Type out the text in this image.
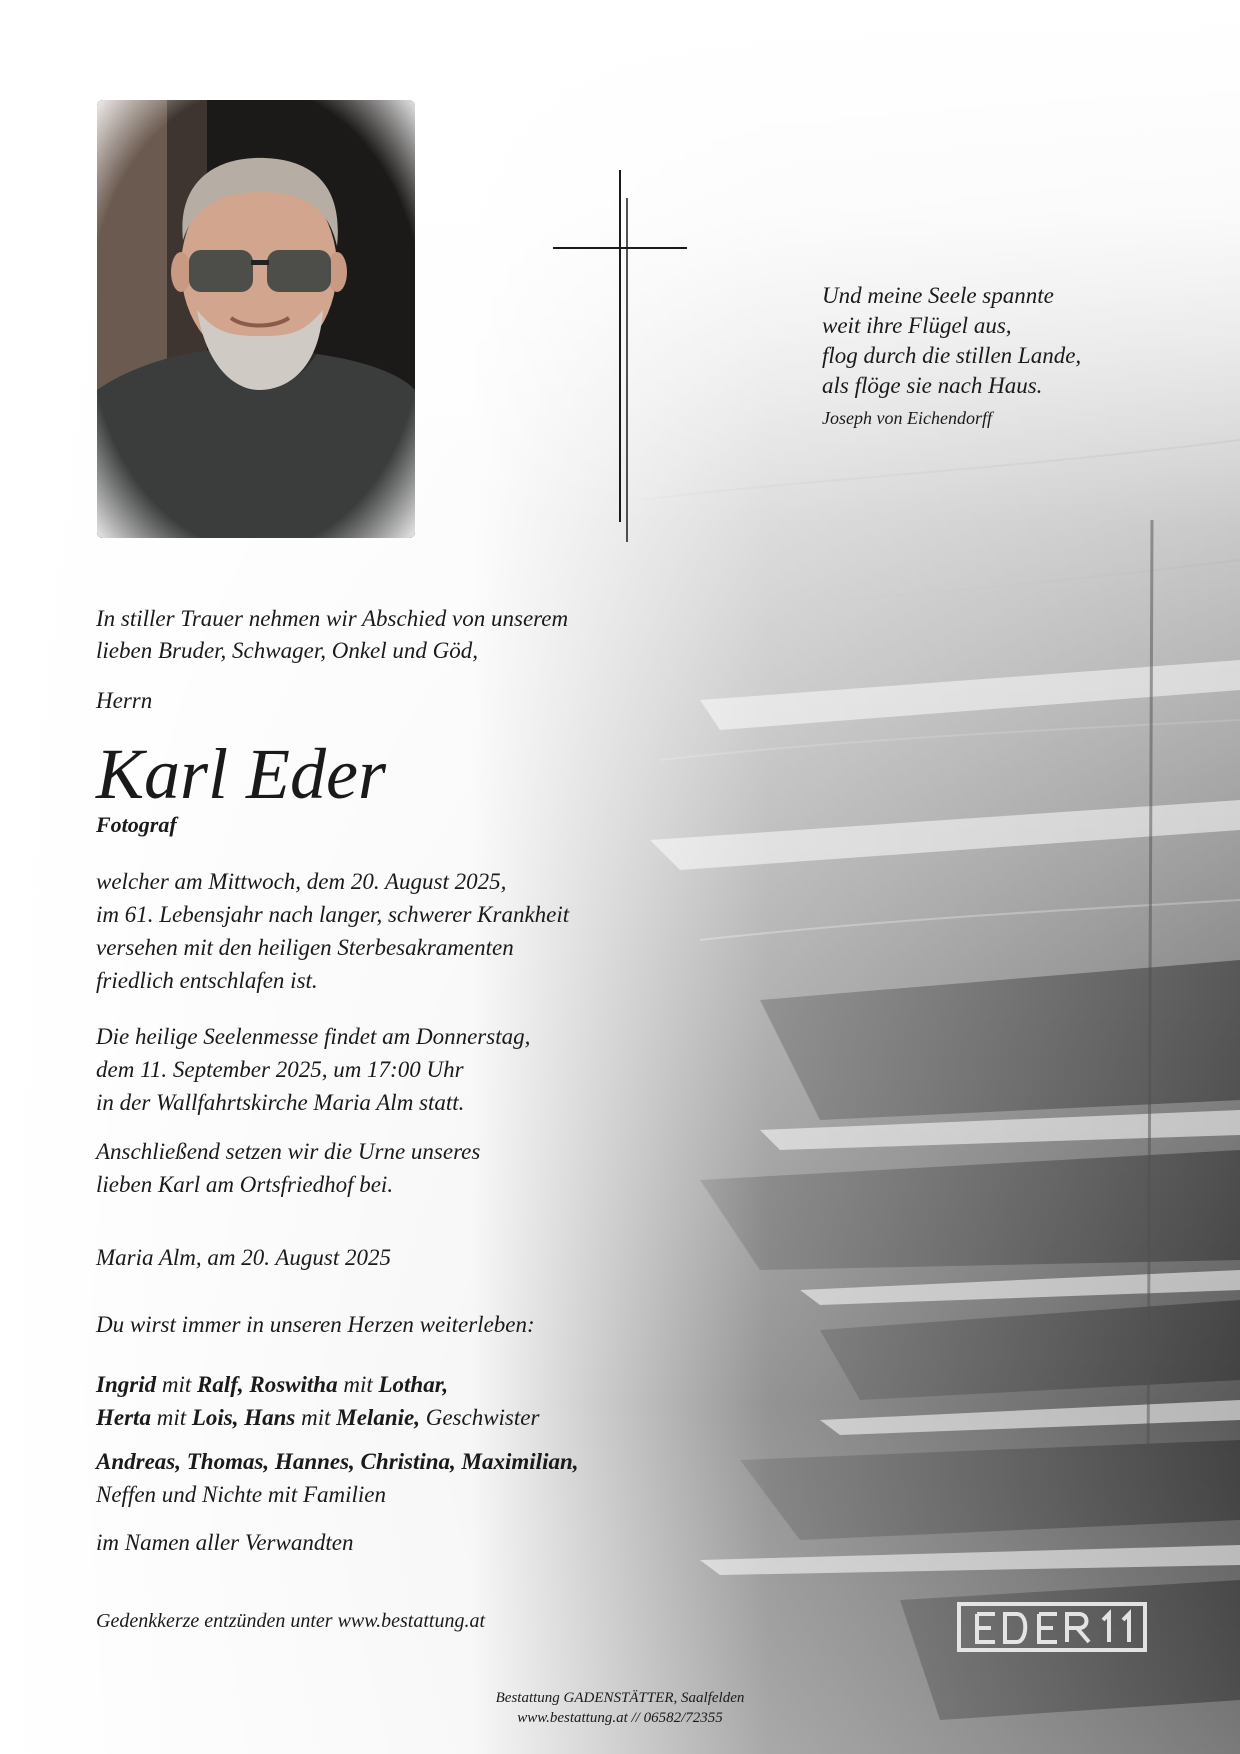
Und meine Seele spannte
weit ihre Flügel aus,
flog durch die stillen Lande,
als flöge sie nach Haus.
Joseph von Eichendorff
In stiller Trauer nehmen wir Abschied von unserem
lieben Bruder, Schwager, Onkel und Göd,
Herrn
Karl Eder
Fotograf
welcher am Mittwoch, dem 20. August 2025,
im 61. Lebensjahr nach langer, schwerer Krankheit
versehen mit den heiligen Sterbesakramenten
friedlich entschlafen ist.
Die heilige Seelenmesse findet am Donnerstag,
dem 11. September 2025, um 17:00 Uhr
in der Wallfahrtskirche Maria Alm statt.
Anschließend setzen wir die Urne unseres
lieben Karl am Ortsfriedhof bei.
Maria Alm, am 20. August 2025
Du wirst immer in unseren Herzen weiterleben:
Ingrid mit Ralf, Roswitha mit Lothar,
Herta mit Lois, Hans mit Melanie, Geschwister
Andreas, Thomas, Hannes, Christina, Maximilian,
Neffen und Nichte mit Familien
im Namen aller Verwandten
Gedenkkerze entzünden unter www.bestattung.at
Bestattung GADENSTÄTTER, Saalfelden
www.bestattung.at // 06582/72355
